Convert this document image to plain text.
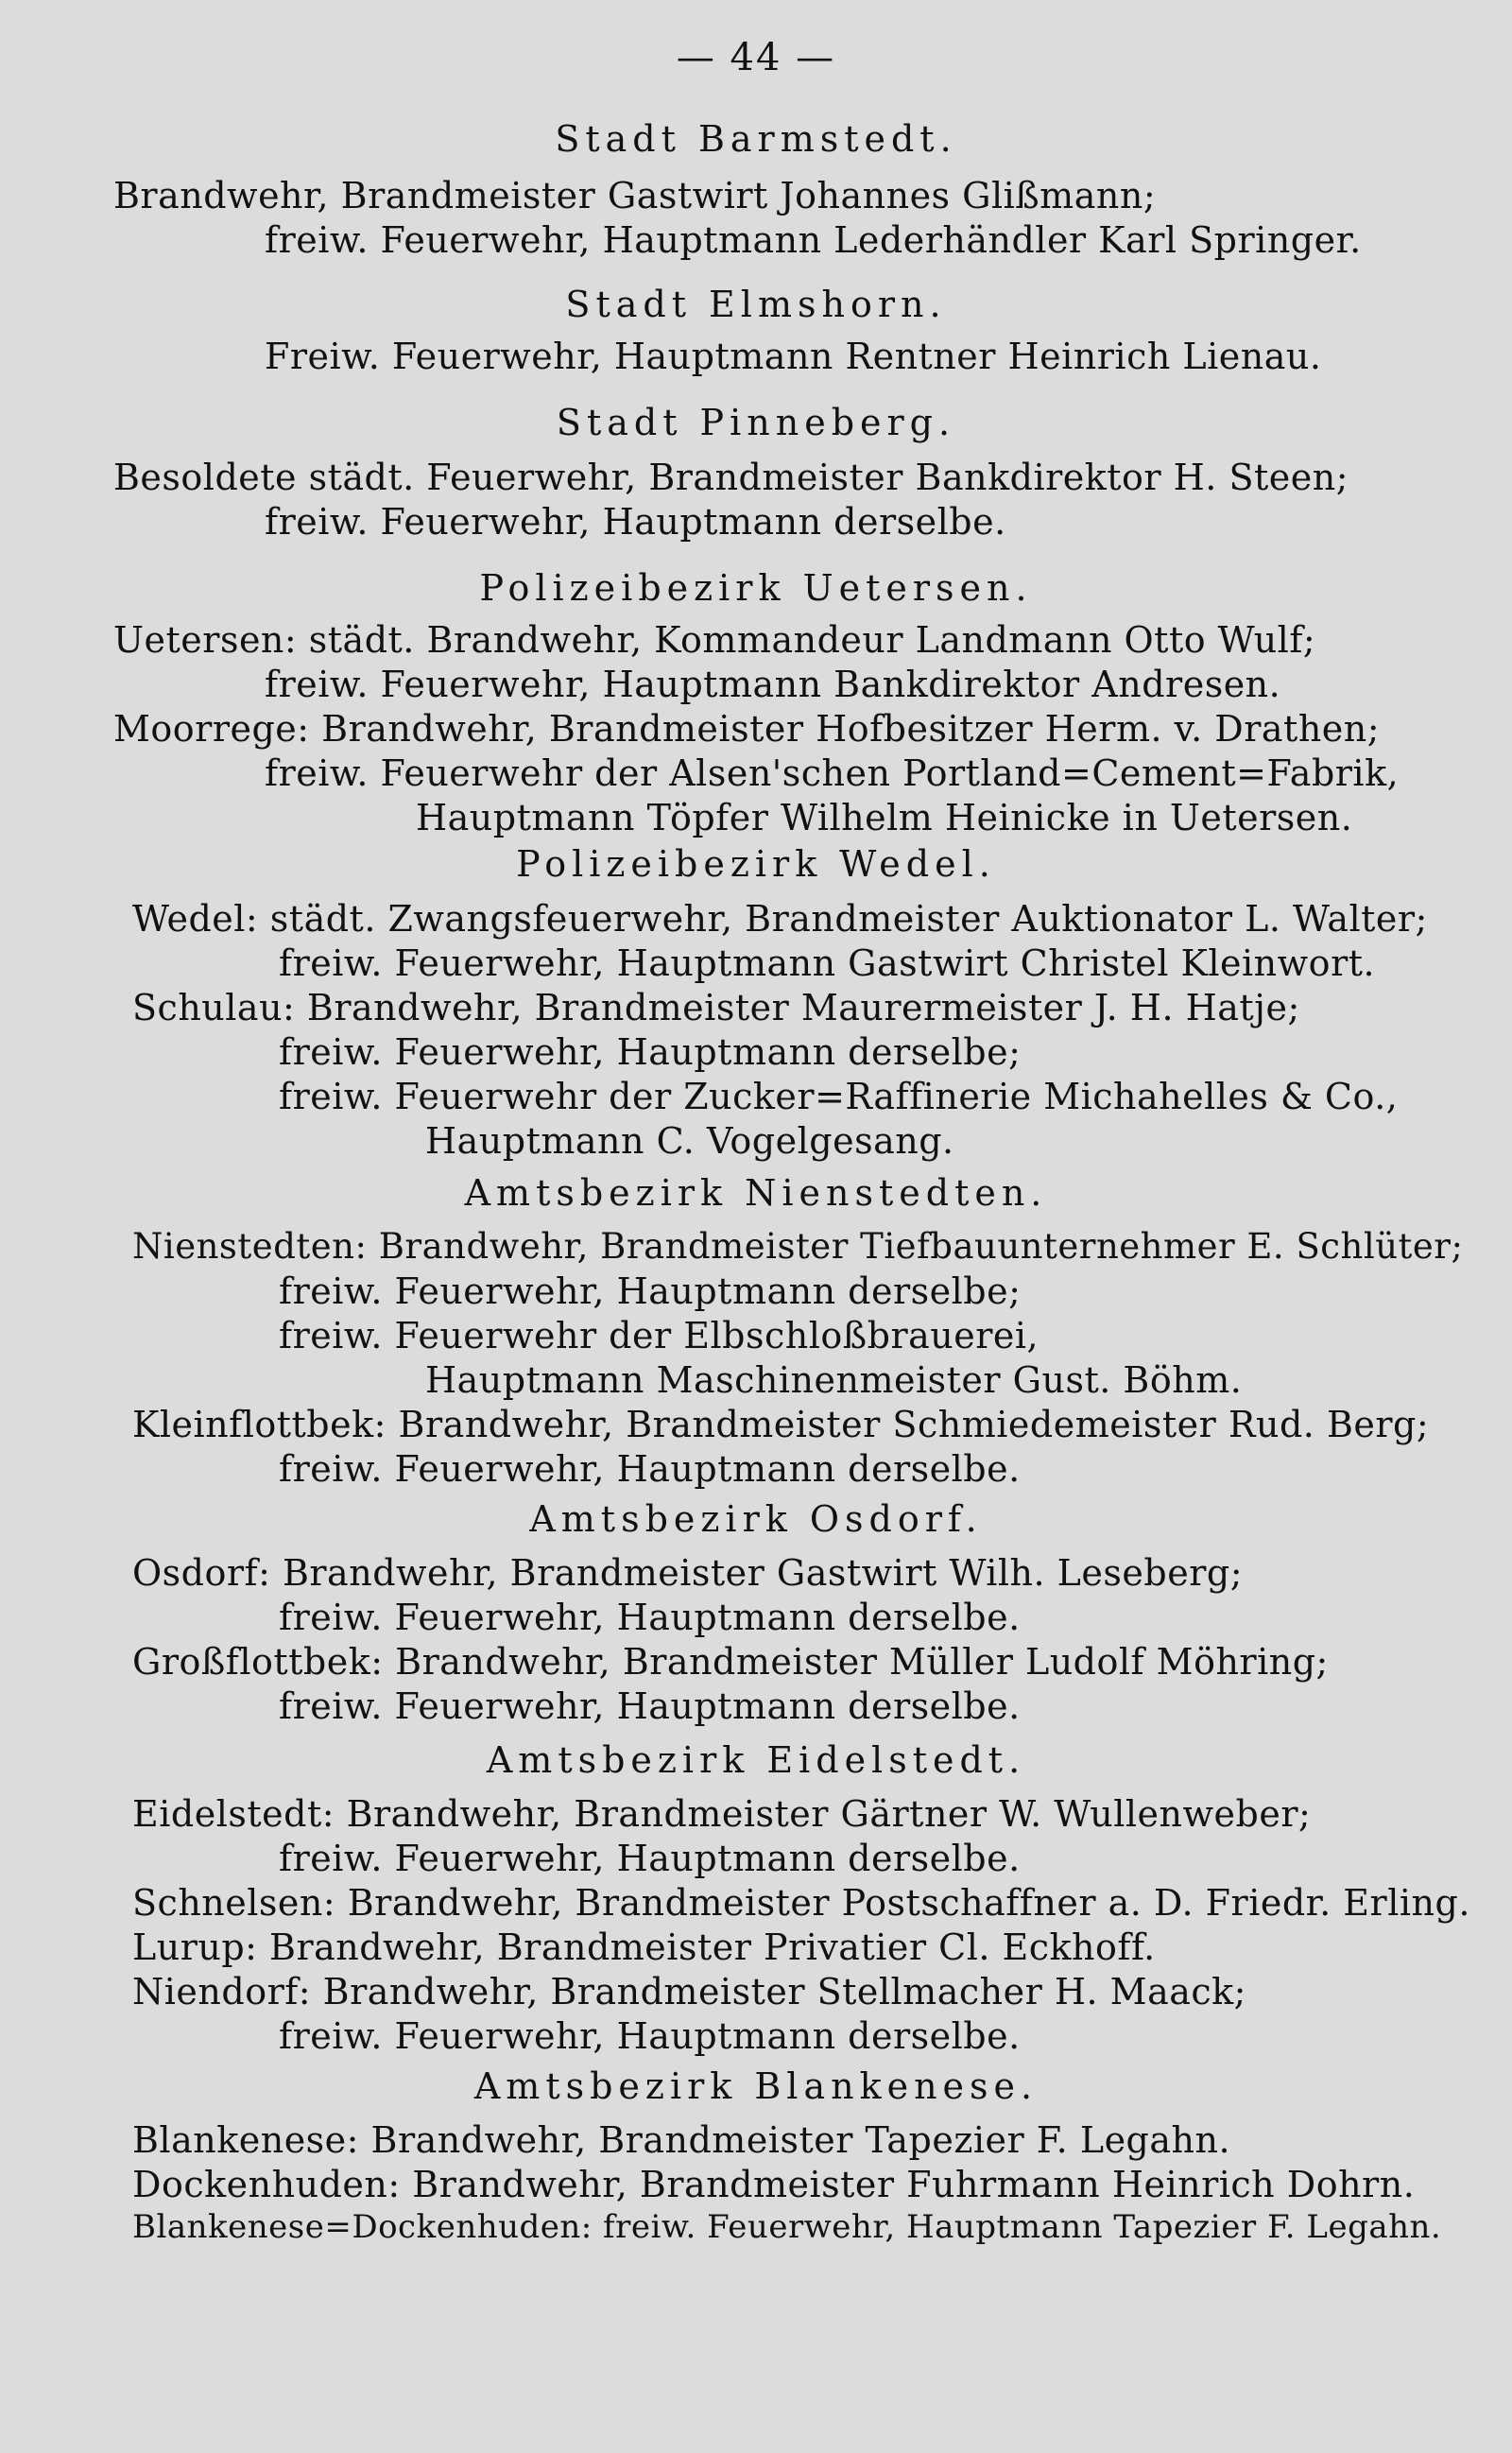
— 44 —
Stadt Barmstedt.
Brandwehr, Brandmeister Gastwirt Johannes Glißmann;
freiw. Feuerwehr, Hauptmann Lederhändler Karl Springer.
Stadt Elmshorn.
Freiw. Feuerwehr, Hauptmann Rentner Heinrich Lienau.
Stadt Pinneberg.
Besoldete städt. Feuerwehr, Brandmeister Bankdirektor H. Steen;
freiw. Feuerwehr, Hauptmann derselbe.
Polizeibezirk Uetersen.
Uetersen: städt. Brandwehr, Kommandeur Landmann Otto Wulf;
freiw. Feuerwehr, Hauptmann Bankdirektor Andresen.
Moorrege: Brandwehr, Brandmeister Hofbesitzer Herm. v. Drathen;
freiw. Feuerwehr der Alsen'schen Portland=Cement=Fabrik,
Hauptmann Töpfer Wilhelm Heinicke in Uetersen.
Polizeibezirk Wedel.
Wedel: städt. Zwangsfeuerwehr, Brandmeister Auktionator L. Walter;
freiw. Feuerwehr, Hauptmann Gastwirt Christel Kleinwort.
Schulau: Brandwehr, Brandmeister Maurermeister J. H. Hatje;
freiw. Feuerwehr, Hauptmann derselbe;
freiw. Feuerwehr der Zucker=Raffinerie Michahelles & Co.,
Hauptmann C. Vogelgesang.
Amtsbezirk Nienstedten.
Nienstedten: Brandwehr, Brandmeister Tiefbauunternehmer E. Schlüter;
freiw. Feuerwehr, Hauptmann derselbe;
freiw. Feuerwehr der Elbschloßbrauerei,
Hauptmann Maschinenmeister Gust. Böhm.
Kleinflottbek: Brandwehr, Brandmeister Schmiedemeister Rud. Berg;
freiw. Feuerwehr, Hauptmann derselbe.
Amtsbezirk Osdorf.
Osdorf: Brandwehr, Brandmeister Gastwirt Wilh. Leseberg;
freiw. Feuerwehr, Hauptmann derselbe.
Großflottbek: Brandwehr, Brandmeister Müller Ludolf Möhring;
freiw. Feuerwehr, Hauptmann derselbe.
Amtsbezirk Eidelstedt.
Eidelstedt: Brandwehr, Brandmeister Gärtner W. Wullenweber;
freiw. Feuerwehr, Hauptmann derselbe.
Schnelsen: Brandwehr, Brandmeister Postschaffner a. D. Friedr. Erling.
Lurup: Brandwehr, Brandmeister Privatier Cl. Eckhoff.
Niendorf: Brandwehr, Brandmeister Stellmacher H. Maack;
freiw. Feuerwehr, Hauptmann derselbe.
Amtsbezirk Blankenese.
Blankenese: Brandwehr, Brandmeister Tapezier F. Legahn.
Dockenhuden: Brandwehr, Brandmeister Fuhrmann Heinrich Dohrn.
Blankenese=Dockenhuden: freiw. Feuerwehr, Hauptmann Tapezier F. Legahn.
